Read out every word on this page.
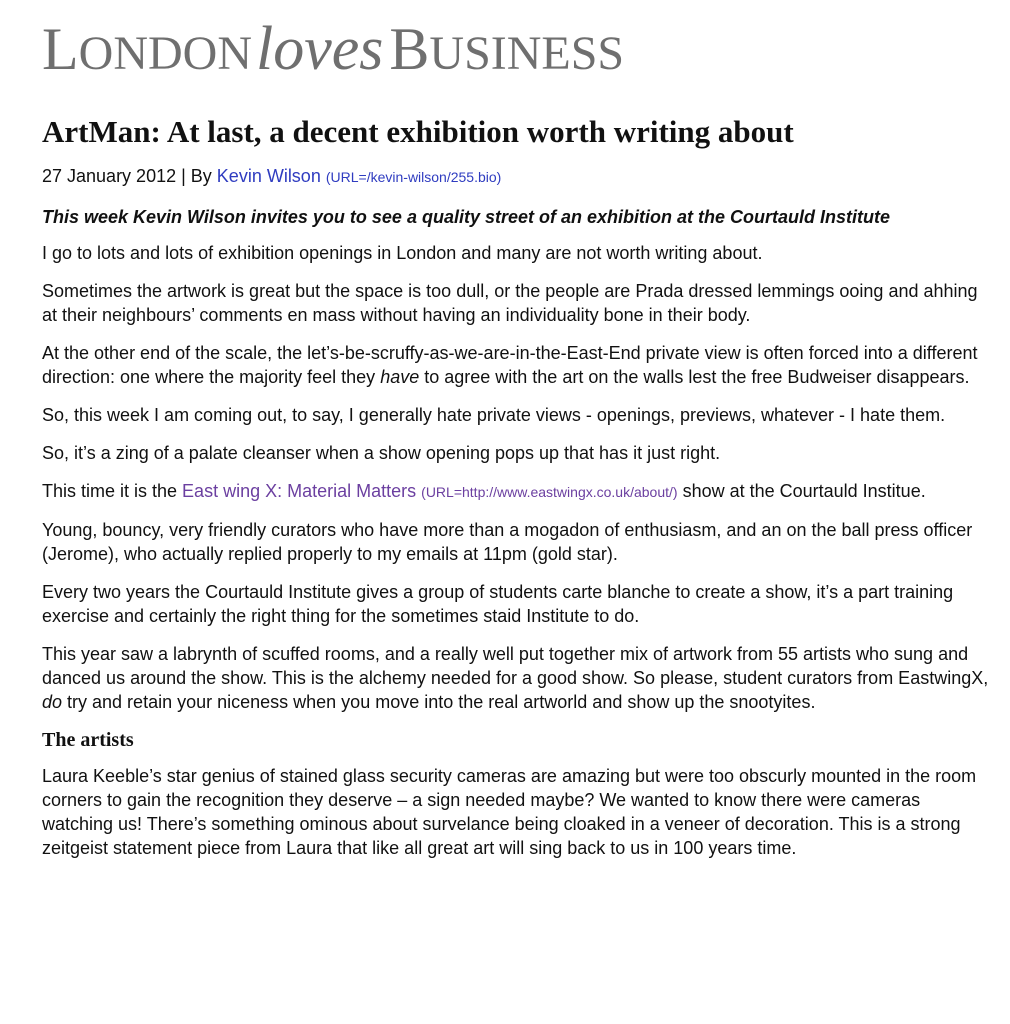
LONDONloves BUSINESS
ArtMan: At last, a decent exhibition worth writing about

27 January 2012 | By Kevin Wilson (URL=/kevin-wilson/255.bio)

This week Kevin Wilson invites you to see a quality street of an exhibition at the Courtauld Institute

I go to lots and lots of exhibition openings in London and many are not worth writing about.

Sometimes the artwork is great but the space is too dull, or the people are Prada dressed lemmings ooing and ahhing at their neighbours’ comments en mass without having an individuality bone in their body.

At the other end of the scale, the let’s-be-scruffy-as-we-are-in-the-East-End private view is often forced into a different direction: one where the majority feel they have to agree with the art on the walls lest the free Budweiser disappears.

So, this week I am coming out, to say, I generally hate private views - openings, previews, whatever - I hate them.

So, it’s a zing of a palate cleanser when a show opening pops up that has it just right.

This time it is the East wing X: Material Matters (URL=http://www.eastwingx.co.uk/about/) show at the Courtauld Institue.

Young, bouncy, very friendly curators who have more than a mogadon of enthusiasm, and an on the ball press officer (Jerome), who actually replied properly to my emails at 11pm (gold star).

Every two years the Courtauld Institute gives a group of students carte blanche to create a show, it’s a part training exercise and certainly the right thing for the sometimes staid Institute to do.

This year saw a labrynth of scuffed rooms, and a really well put together mix of artwork from 55 artists who sung and danced us around the show. This is the alchemy needed for a good show. So please, student curators from EastwingX, do try and retain your niceness when you move into the real artworld and show up the snootyites.

The artists

Laura Keeble’s star genius of stained glass security cameras are amazing but were too obscurly mounted in the room corners to gain the recognition they deserve – a sign needed maybe? We wanted to know there were cameras watching us! There’s something ominous about survelance being cloaked in a veneer of decoration. This is a strong zeitgeist statement piece from Laura that like all great art will sing back to us in 100 years time.
